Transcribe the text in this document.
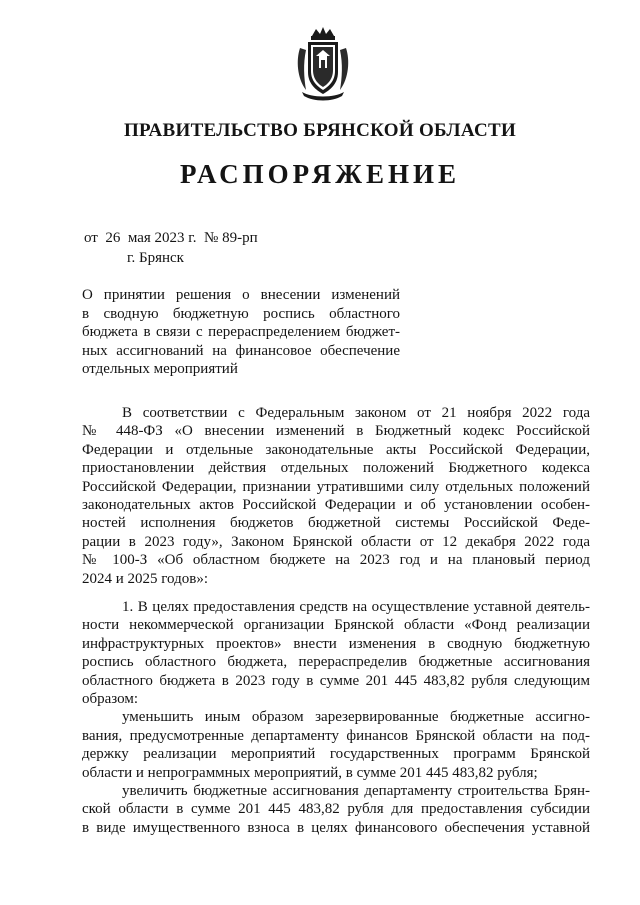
ПРАВИТЕЛЬСТВО БРЯНСКОЙ ОБЛАСТИ
РАСПОРЯЖЕНИЕ
от  26  мая 2023 г.  № 89-рп
г. Брянск
О принятии решения о внесении изменений
в сводную бюджетную роспись областного
бюджета в связи с перераспределением бюджет-
ных ассигнований на финансовое обеспечение
отдельных мероприятий
В соответствии с Федеральным законом от 21 ноября 2022 года
№ 448-ФЗ «О внесении изменений в Бюджетный кодекс Российской
Федерации и отдельные законодательные акты Российской Федерации,
приостановлении действия отдельных положений Бюджетного кодекса
Российской Федерации, признании утратившими силу отдельных положений
законодательных актов Российской Федерации и об установлении особен-
ностей исполнения бюджетов бюджетной системы Российской Феде-
рации в 2023 году», Законом Брянской области от 12 декабря 2022 года
№ 100-З «Об областном бюджете на 2023 год и на плановый период
2024 и 2025 годов»:
1. В целях предоставления средств на осуществление уставной деятель-
ности некоммерческой организации Брянской области «Фонд реализации
инфраструктурных проектов» внести изменения в сводную бюджетную
роспись областного бюджета, перераспределив бюджетные ассигнования
областного бюджета в 2023 году в сумме 201 445 483,82 рубля следующим
образом:
уменьшить иным образом зарезервированные бюджетные ассигно-
вания, предусмотренные департаменту финансов Брянской области на под-
держку реализации мероприятий государственных программ Брянской
области и непрограммных мероприятий, в сумме 201 445 483,82 рубля;
увеличить бюджетные ассигнования департаменту строительства Брян-
ской области в сумме 201 445 483,82 рубля для предоставления субсидии
в виде имущественного взноса в целях финансового обеспечения уставной
